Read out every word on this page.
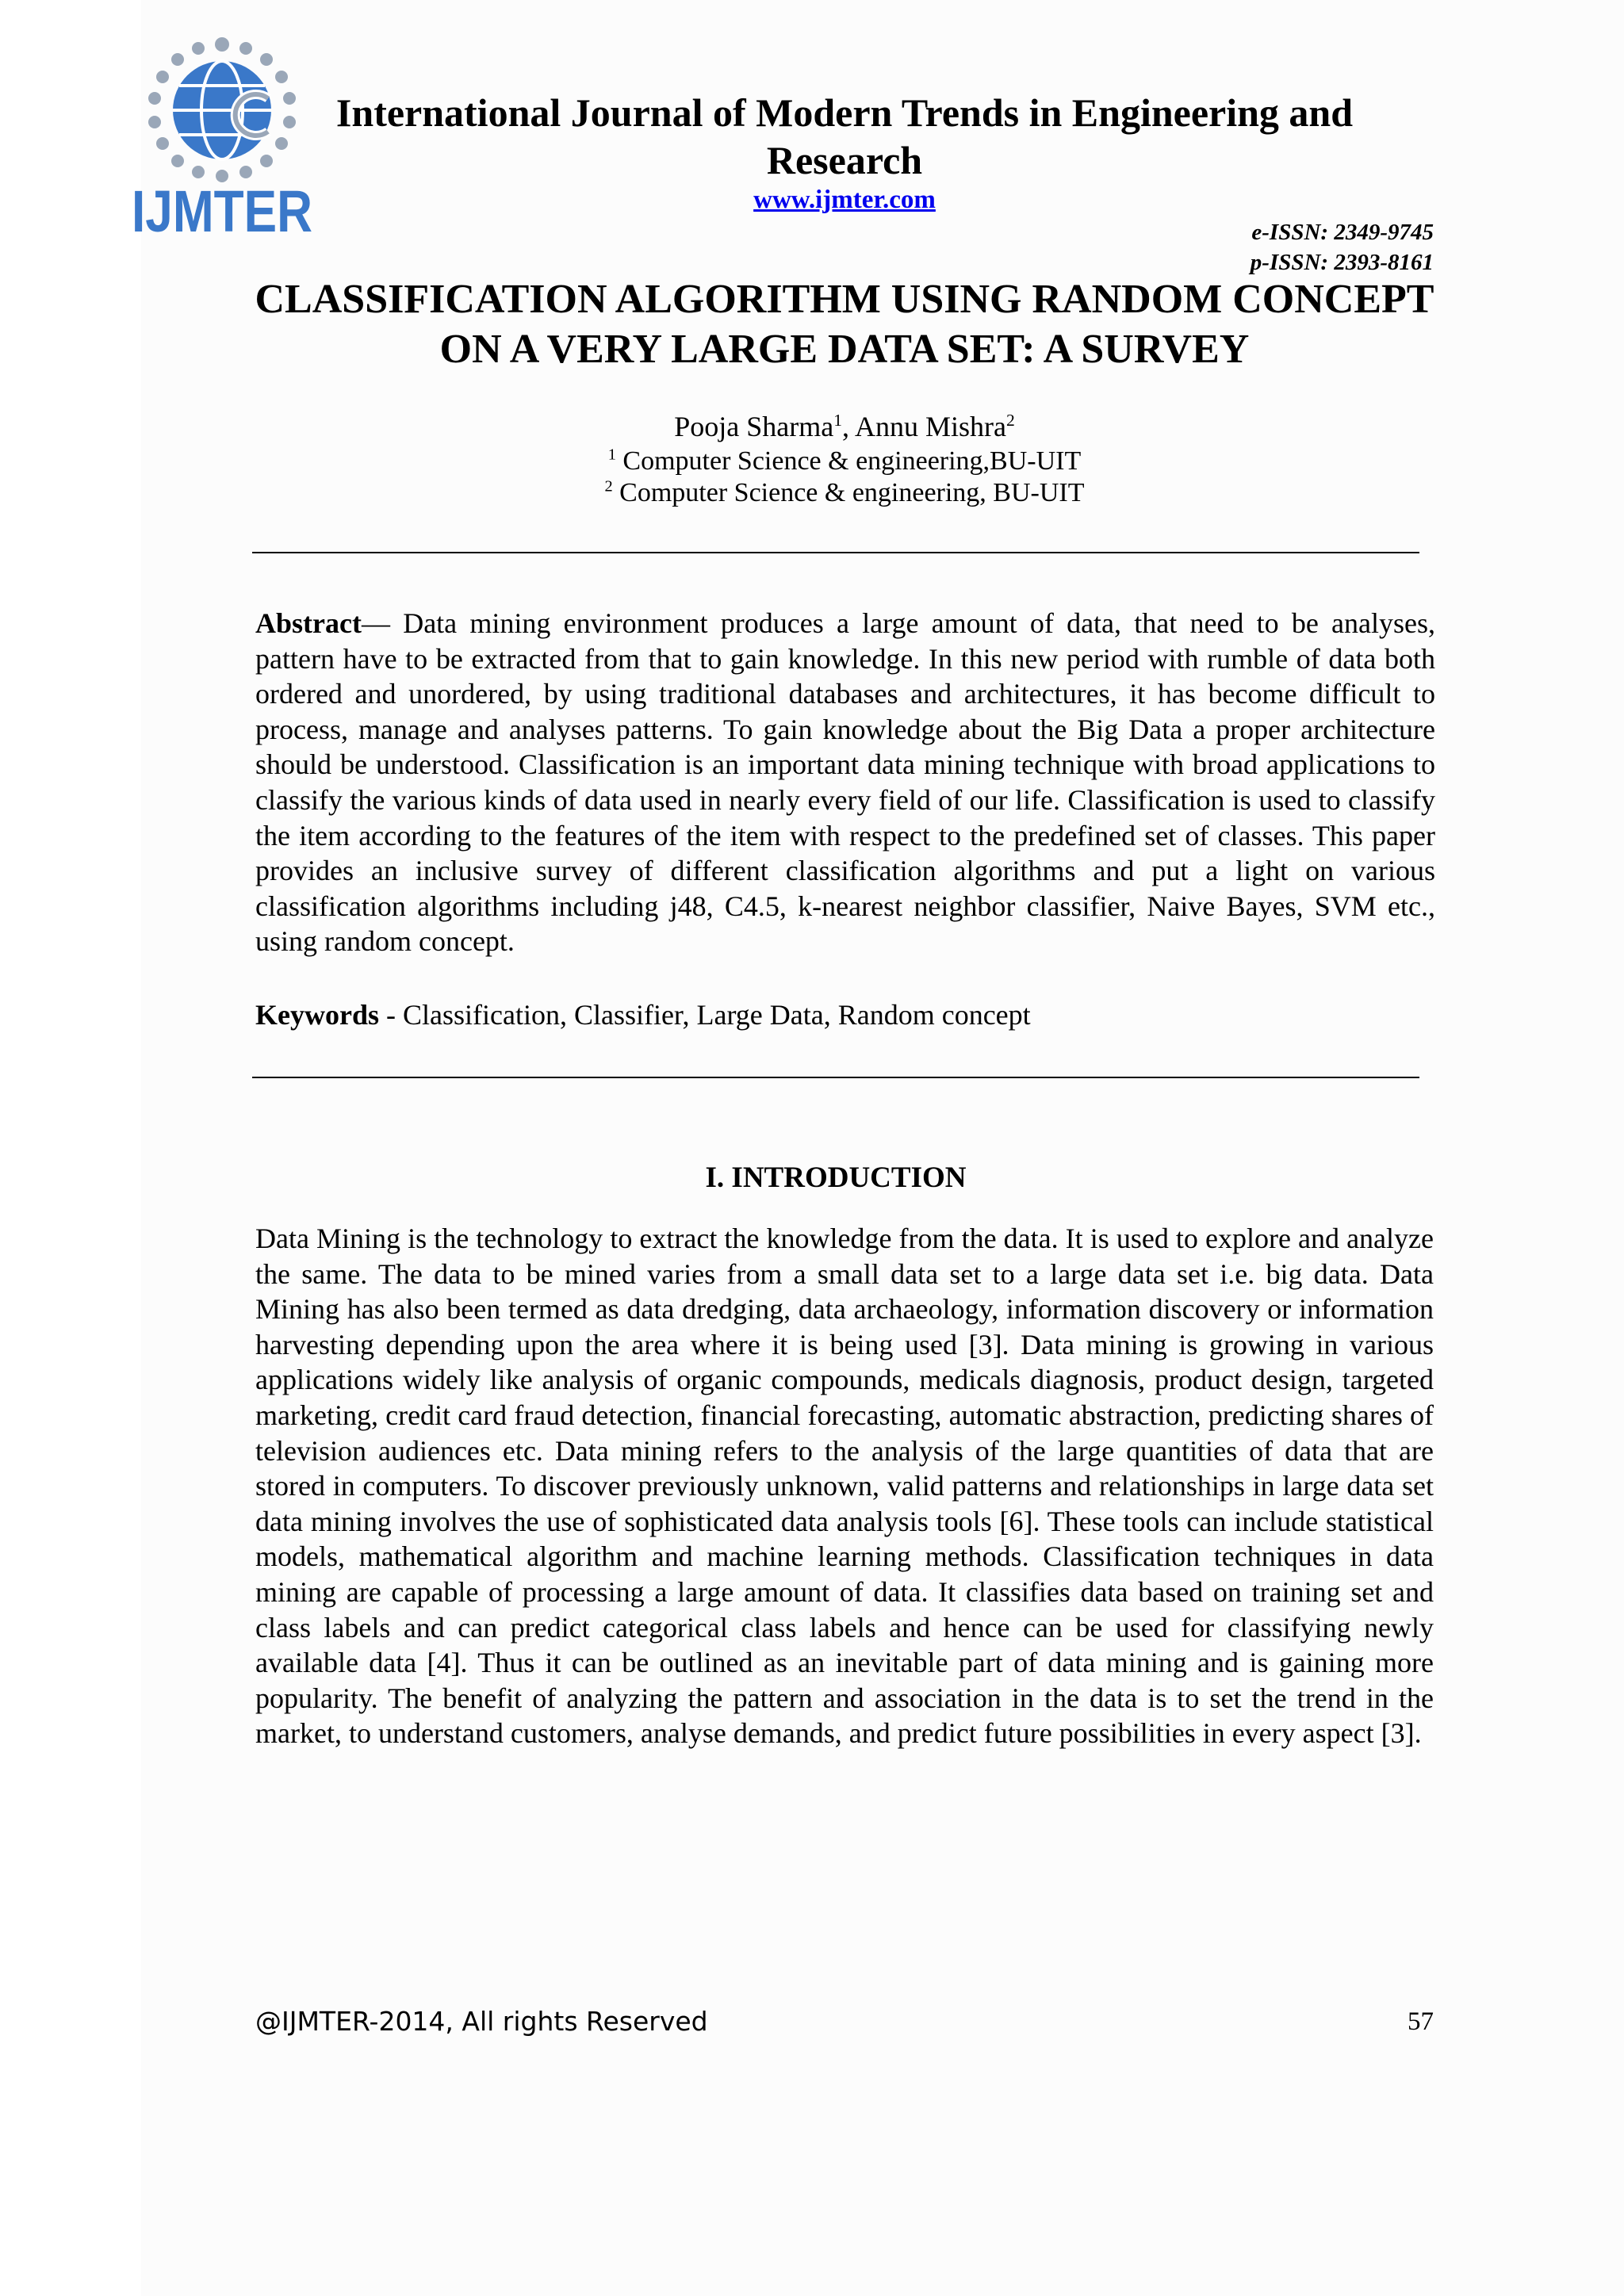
IJMTER
International Journal of Modern Trends in Engineering and Research
www.ijmter.com
e-ISSN: 2349-9745
p-ISSN: 2393-8161
CLASSIFICATION ALGORITHM USING RANDOM CONCEPT ON A VERY LARGE DATA SET: A SURVEY
Pooja Sharma$^1$, Annu Mishra$^2$
$^1$ Computer Science & engineering,BU-UIT
$^2$ Computer Science & engineering, BU-UIT
Abstract— Data mining environment produces a large amount of data, that need to be analyses, pattern have to be extracted from that to gain knowledge. In this new period with rumble of data both ordered and unordered, by using traditional databases and architectures, it has become difficult to process, manage and analyses patterns. To gain knowledge about the Big Data a proper architecture should be understood. Classification is an important data mining technique with broad applications to classify the various kinds of data used in nearly every field of our life. Classification is used to classify the item according to the features of the item with respect to the predefined set of classes. This paper provides an inclusive survey of different classification algorithms and put a light on various classification algorithms including j48, C4.5, k-nearest neighbor classifier, Naive Bayes, SVM etc., using random concept.
Keywords - Classification, Classifier, Large Data, Random concept
I. INTRODUCTION
Data Mining is the technology to extract the knowledge from the data. It is used to explore and analyze the same. The data to be mined varies from a small data set to a large data set i.e. big data. Data Mining has also been termed as data dredging, data archaeology, information discovery or information harvesting depending upon the area where it is being used [3]. Data mining is growing in various applications widely like analysis of organic compounds, medicals diagnosis, product design, targeted marketing, credit card fraud detection, financial forecasting, automatic abstraction, predicting shares of television audiences etc. Data mining refers to the analysis of the large quantities of data that are stored in computers. To discover previously unknown, valid patterns and relationships in large data set data mining involves the use of sophisticated data analysis tools [6]. These tools can include statistical models, mathematical algorithm and machine learning methods. Classification techniques in data mining are capable of processing a large amount of data. It classifies data based on training set and class labels and can predict categorical class labels and hence can be used for classifying newly available data [4]. Thus it can be outlined as an inevitable part of data mining and is gaining more popularity. The benefit of analyzing the pattern and association in the data is to set the trend in the market, to understand customers, analyse demands, and predict future possibilities in every aspect [3].
@IJMTER-2014, All rights Reserved	57
